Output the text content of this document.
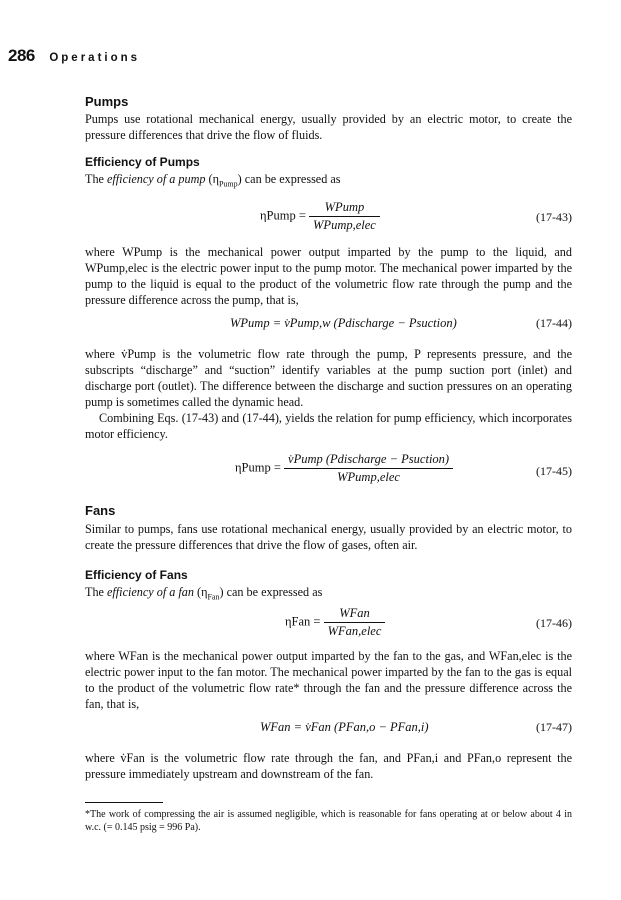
286 Operations
Pumps

Pumps use rotational mechanical energy, usually provided by an electric motor, to create the pressure differences that drive the flow of fluids.

Efficiency of Pumps

The efficiency of a pump $(\eta_{Pump})$ can be expressed as

ηPump = $\frac{\text{WPump}}{\text{WPump,elec}}$	(17-43)

where WPump is the mechanical power output imparted by the pump to the liquid, and WPump,elec is the electric power input to the pump motor. The mechanical power imparted by the pump to the liquid is equal to the product of the volumetric flow rate through the pump and the pressure difference across the pump, that is,

WPump = v̇Pump,w (Pdischarge − Psuction)	(17-44)

where v̇Pump is the volumetric flow rate through the pump, P represents pressure, and the subscripts “discharge” and “suction” identify variables at the pump suction port (inlet) and discharge port (outlet). The difference between the discharge and suction pressures on an operating pump is sometimes called the dynamic head.

Combining Eqs. (17-43) and (17-44), yields the relation for pump efficiency, which incorporates motor efficiency.

ηPump = $\frac{\text{v̇Pump (Pdischarge − Psuction)}}{\text{WPump,elec}}$	(17-45)
Fans

Similar to pumps, fans use rotational mechanical energy, usually provided by an electric motor, to create the pressure differences that drive the flow of gases, often air.

Efficiency of Fans

The efficiency of a fan $(\eta_{Fan})$ can be expressed as

$\eta Fan = \frac{\text{WFan}}{\text{WFan,elec}}$	(17-46)

where WFan is the mechanical power output imparted by the fan to the gas, and WFan,elec is the electric power input to the fan motor. The mechanical power imparted by the fan to the gas is equal to the product of the volumetric flow rate* through the fan and the pressure difference across the fan, that is,

WFan = v̇Fan (PFan,o − PFan,i)	(17-47)

where v̇Fan is the volumetric flow rate through the fan, and PFan,i and PFan,o represent the pressure immediately upstream and downstream of the fan.

*The work of compressing the air is assumed negligible, which is reasonable for fans operating at or below about 4 in w.c. (= 0.145 psig = 996 Pa).
